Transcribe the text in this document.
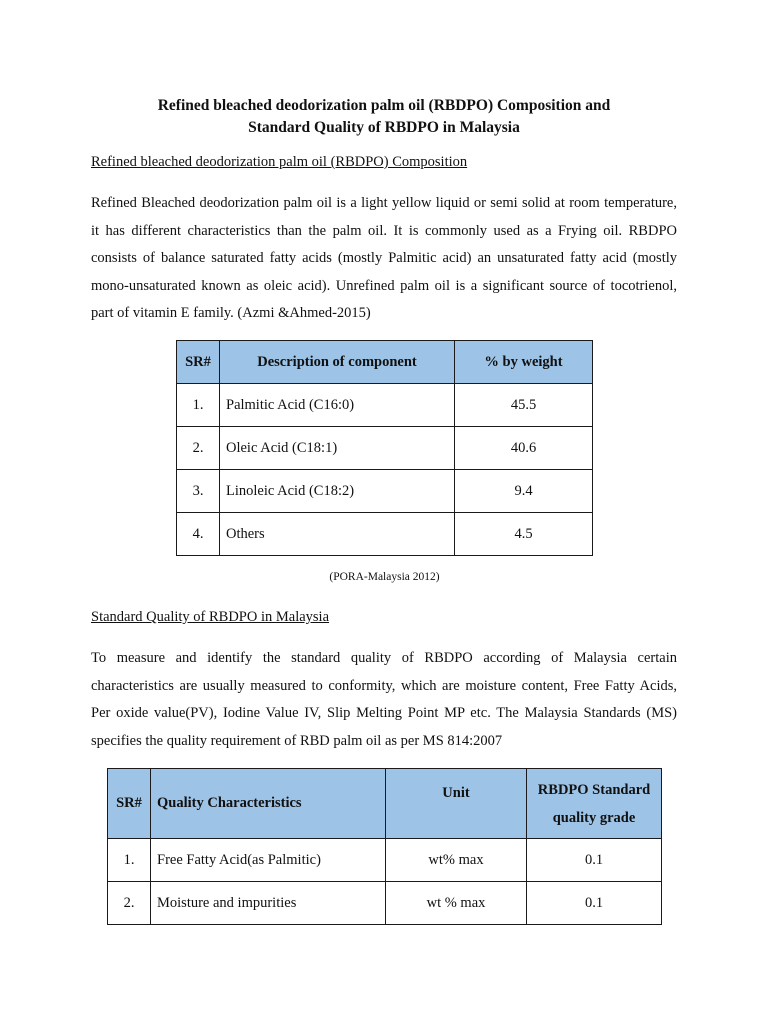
Refined bleached deodorization palm oil (RBDPO) Composition and
Standard Quality of RBDPO in Malaysia
Refined bleached deodorization palm oil (RBDPO) Composition
Refined Bleached deodorization palm oil is a light yellow liquid or semi solid at room temperature,
it has different characteristics than the palm oil. It is commonly used as a Frying oil. RBDPO
consists of balance saturated fatty acids (mostly Palmitic acid) an unsaturated fatty acid (mostly
mono-unsaturated known as oleic acid). Unrefined palm oil is a significant source of tocotrienol,
part of vitamin E family. (Azmi &Ahmed-2015)
SR#	Description of component	% by weight
1.	Palmitic Acid (C16:0)	45.5
2.	Oleic Acid (C18:1)	40.6
3.	Linoleic Acid (C18:2)	9.4
4.	Others	4.5
(PORA-Malaysia 2012)
Standard Quality of RBDPO in Malaysia
To measure and identify the standard quality of RBDPO according of Malaysia certain
characteristics are usually measured to conformity, which are moisture content, Free Fatty Acids,
Per oxide value(PV), Iodine Value IV, Slip Melting Point MP etc. The Malaysia Standards (MS)
specifies the quality requirement of RBD palm oil as per MS 814:2007
SR#	Quality Characteristics	Unit	RBDPO Standard
quality grade

1.	Free Fatty Acid(as Palmitic)	wt% max	0.1
2.	Moisture and impurities	wt % max	0.1
